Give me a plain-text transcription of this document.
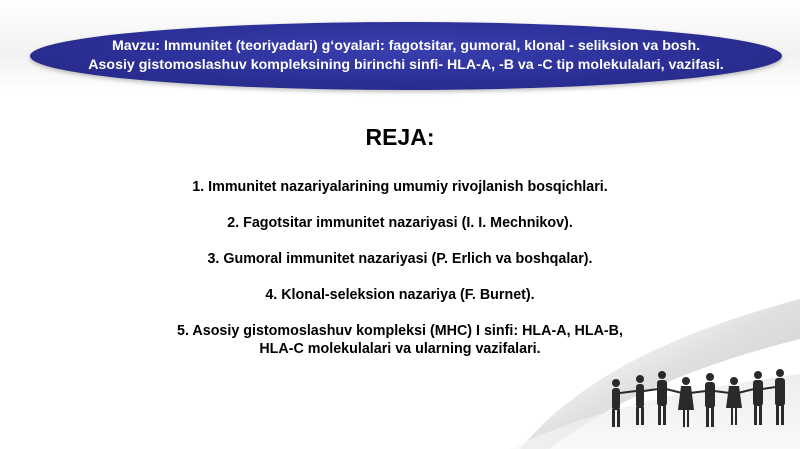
Mavzu: Immunitet (teoriyadari) g‘oyalari: fagotsitar, gumoral, klonal - seliksion va bosh.
Asosiy gistomoslashuv kompleksining birinchi sinfi- HLA-A, -B va -C tip molekulalari, vazifasi.
REJA:
1. Immunitet nazariyalarining umumiy rivojlanish bosqichlari.
2. Fagotsitar immunitet nazariyasi (I. I. Mechnikov).
3. Gumoral immunitet nazariyasi (P. Erlich va boshqalar).
4. Klonal-seleksion nazariya (F. Burnet).
5. Asosiy gistomoslashuv kompleksi (MHC) I sinfi: HLA-A, HLA-B,
HLA-C molekulalari va ularning vazifalari.
